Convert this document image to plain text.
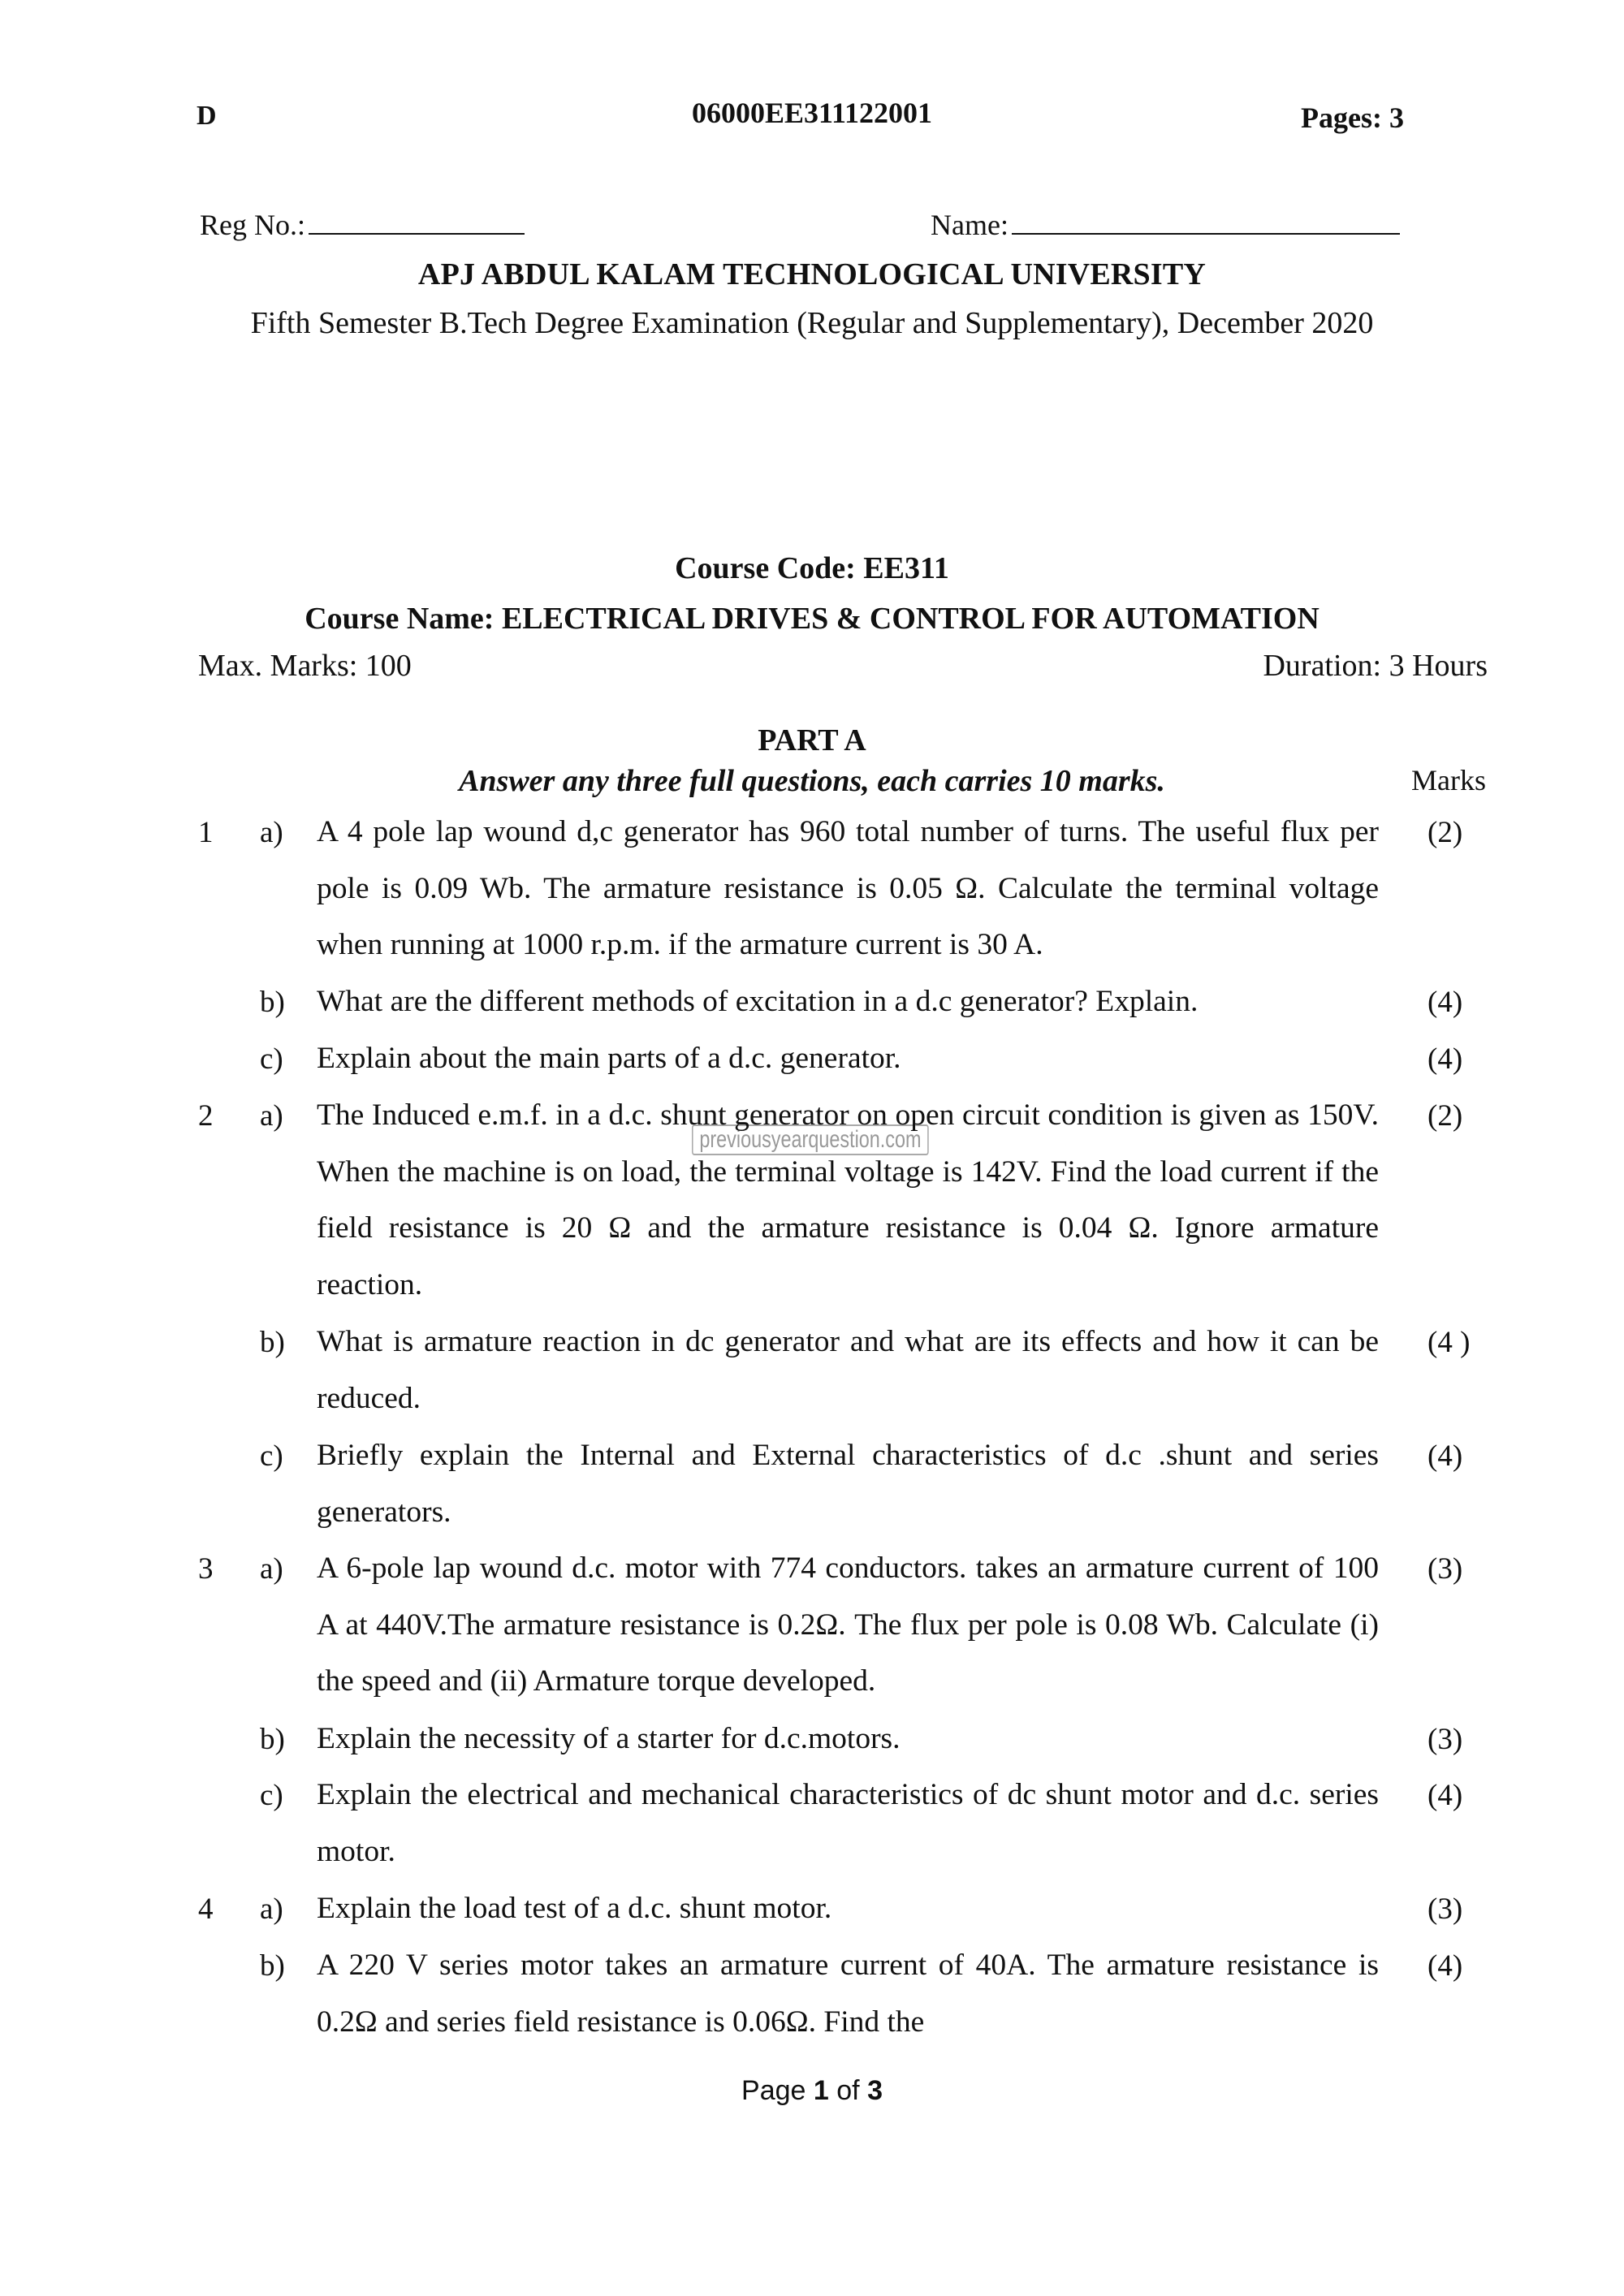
D	06000EE311122001	Pages: 3
Reg No.:	Name:
APJ ABDUL KALAM TECHNOLOGICAL UNIVERSITY
Fifth Semester B.Tech Degree Examination (Regular and Supplementary), December 2020
Course Code: EE311
Course Name: ELECTRICAL DRIVES & CONTROL FOR AUTOMATION
Max. Marks: 100	Duration: 3 Hours
PART A
Answer any three full questions, each carries 10 marks.	Marks
previousyearquestion.com
1 a) A 4 pole lap wound d,c generator has 960 total number of turns. The useful flux per pole is 0.09 Wb. The armature resistance is 0.05 Ω. Calculate the terminal voltage when running at 1000 r.p.m. if the armature current is 30 A.
(2)
b) What are the different methods of excitation in a d.c generator? Explain.	(4)
c) Explain about the main parts of a d.c. generator.	(4)
2 a) The Induced e.m.f. in a d.c. shunt generator on open circuit condition is given as 150V. When the machine is on load, the terminal voltage is 142V. Find the load current if the field resistance is 20 Ω and the armature resistance is 0.04 Ω. Ignore armature reaction.
(2)
b) What is armature reaction in dc generator and what are its effects and how it can be reduced.
(4 )
c) Briefly explain the Internal and External characteristics of d.c .shunt and series generators.
(4)
3 a) A 6-pole lap wound d.c. motor with 774 conductors. takes an armature current of 100 A at 440V.The armature resistance is 0.2Ω. The flux per pole is 0.08 Wb. Calculate (i) the speed and (ii) Armature torque developed.
(3)
b) Explain the necessity of a starter for d.c.motors.	(3)
c) Explain the electrical and mechanical characteristics of dc shunt motor and d.c. series motor.
(4)
4 a) Explain the load test of a d.c. shunt motor.	(3)
b) A 220 V series motor takes an armature current of 40A. The armature resistance is 0.2Ω and series field resistance is 0.06Ω. Find the
(4)
Page 1 of 3
